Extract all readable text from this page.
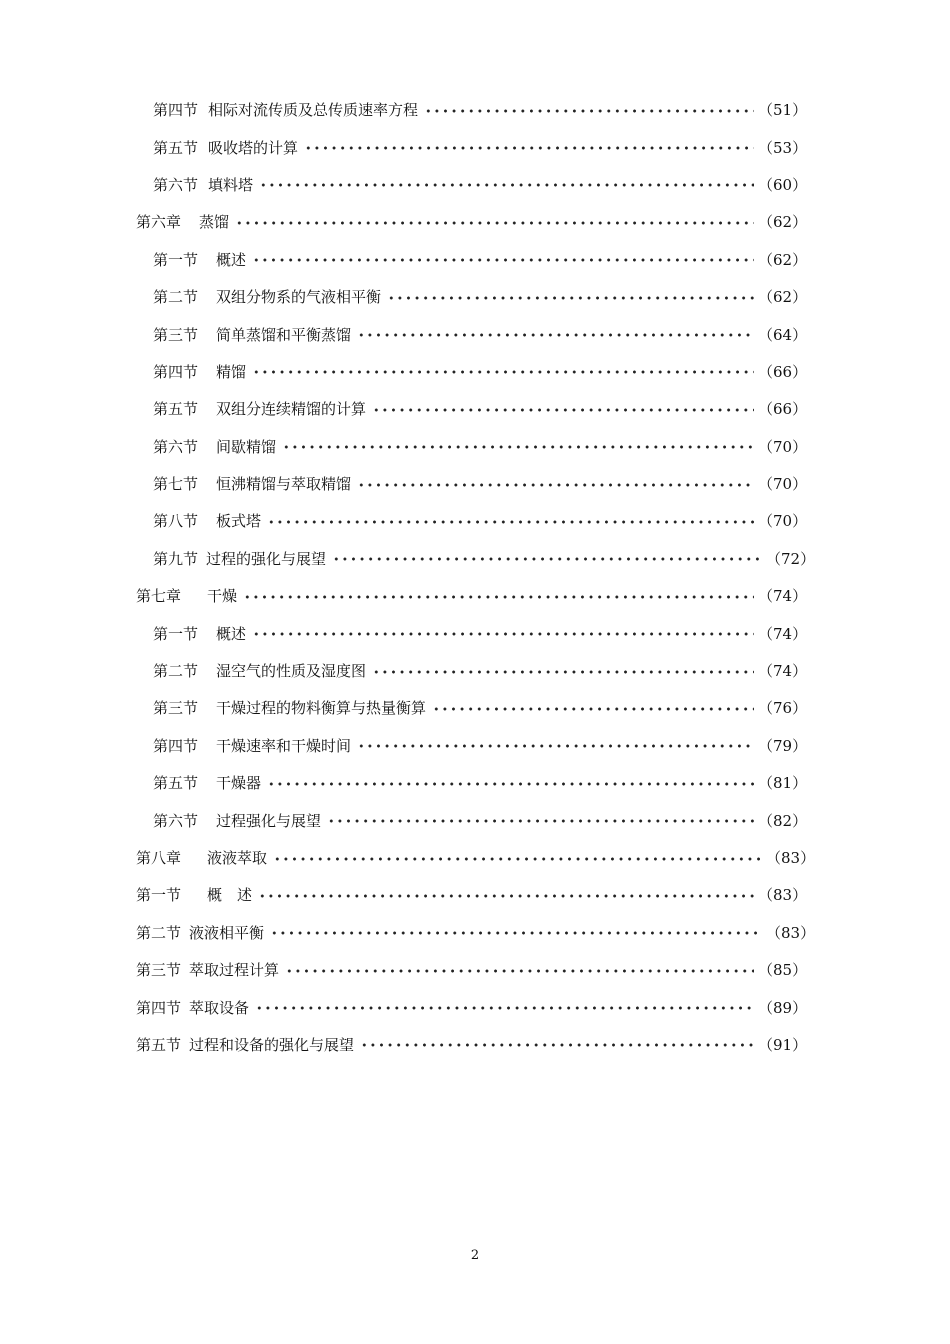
第四节 相际对流传质及总传质速率方程	（51）
第五节 吸收塔的计算	（53）
第六节 填料塔	（60）
第六章 蒸馏	（62）
第一节 概述	（62）
第二节 双组分物系的气液相平衡	（62）
第三节 简单蒸馏和平衡蒸馏	（64）
第四节 精馏	（66）
第五节 双组分连续精馏的计算	（66）
第六节 间歇精馏	（70）
第七节 恒沸精馏与萃取精馏	（70）
第八节 板式塔	（70）
第九节 过程的强化与展望	（72）
第七章 干燥	（74）
第一节 概述	（74）
第二节 湿空气的性质及湿度图	（74）
第三节 干燥过程的物料衡算与热量衡算	（76）
第四节 干燥速率和干燥时间	（79）
第五节 干燥器	（81）
第六节 过程强化与展望	（82）
第八章 液液萃取	（83）
第一节 概　述	（83）
第二节 液液相平衡	（83）
第三节 萃取过程计算	（85）
第四节 萃取设备	（89）
第五节 过程和设备的强化与展望	（91）
2
